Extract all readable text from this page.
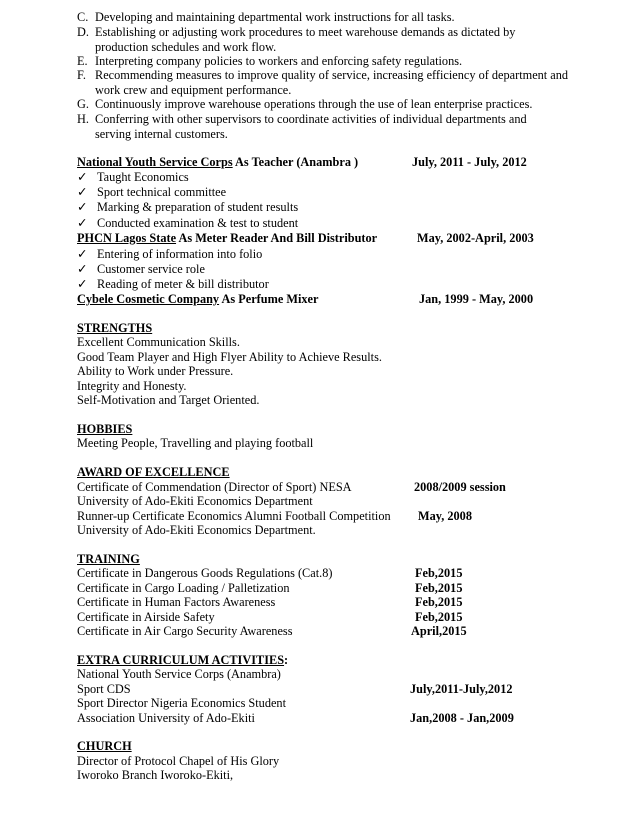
C. Developing and maintaining departmental work instructions for all tasks.
D. Establishing or adjusting work procedures to meet warehouse demands as dictated by production schedules and work flow.
E. Interpreting company policies to workers and enforcing safety regulations.
F. Recommending measures to improve quality of service, increasing efficiency of department and work crew and equipment performance.
G. Continuously improve warehouse operations through the use of lean enterprise practices.
H. Conferring with other supervisors to coordinate activities of individual departments and serving internal customers.
National Youth Service Corps As Teacher (Anambra )	July, 2011 - July, 2012
✓ Taught Economics
✓ Sport technical committee
✓ Marking & preparation of student results
✓ Conducted examination & test to student
PHCN Lagos State As Meter Reader And Bill Distributor	May, 2002-April, 2003
✓ Entering of information into folio
✓ Customer service role
✓ Reading of meter & bill distributor
Cybele Cosmetic Company As Perfume Mixer	Jan, 1999 - May, 2000
STRENGTHS
Excellent Communication Skills.
Good Team Player and High Flyer Ability to Achieve Results.
Ability to Work under Pressure.
Integrity and Honesty.
Self-Motivation and Target Oriented.
HOBBIES
Meeting People, Travelling and playing football
AWARD OF EXCELLENCE
Certificate of Commendation (Director of Sport) NESA	2008/2009 session
University of Ado-Ekiti Economics Department
Runner-up Certificate Economics Alumni Football Competition May, 2008
University of Ado-Ekiti Economics Department.
TRAINING
Certificate in Dangerous Goods Regulations (Cat.8)	Feb,2015
Certificate in Cargo Loading / Palletization	Feb,2015
Certificate in Human Factors Awareness	Feb,2015
Certificate in Airside Safety	Feb,2015
Certificate in Air Cargo Security Awareness	April,2015
EXTRA CURRICULUM ACTIVITIES:
National Youth Service Corps (Anambra)
Sport CDS	July,2011-July,2012
Sport Director Nigeria Economics Student
Association University of Ado-Ekiti	Jan,2008 - Jan,2009
CHURCH
Director of Protocol Chapel of His Glory
Iworoko Branch Iworoko-Ekiti,
